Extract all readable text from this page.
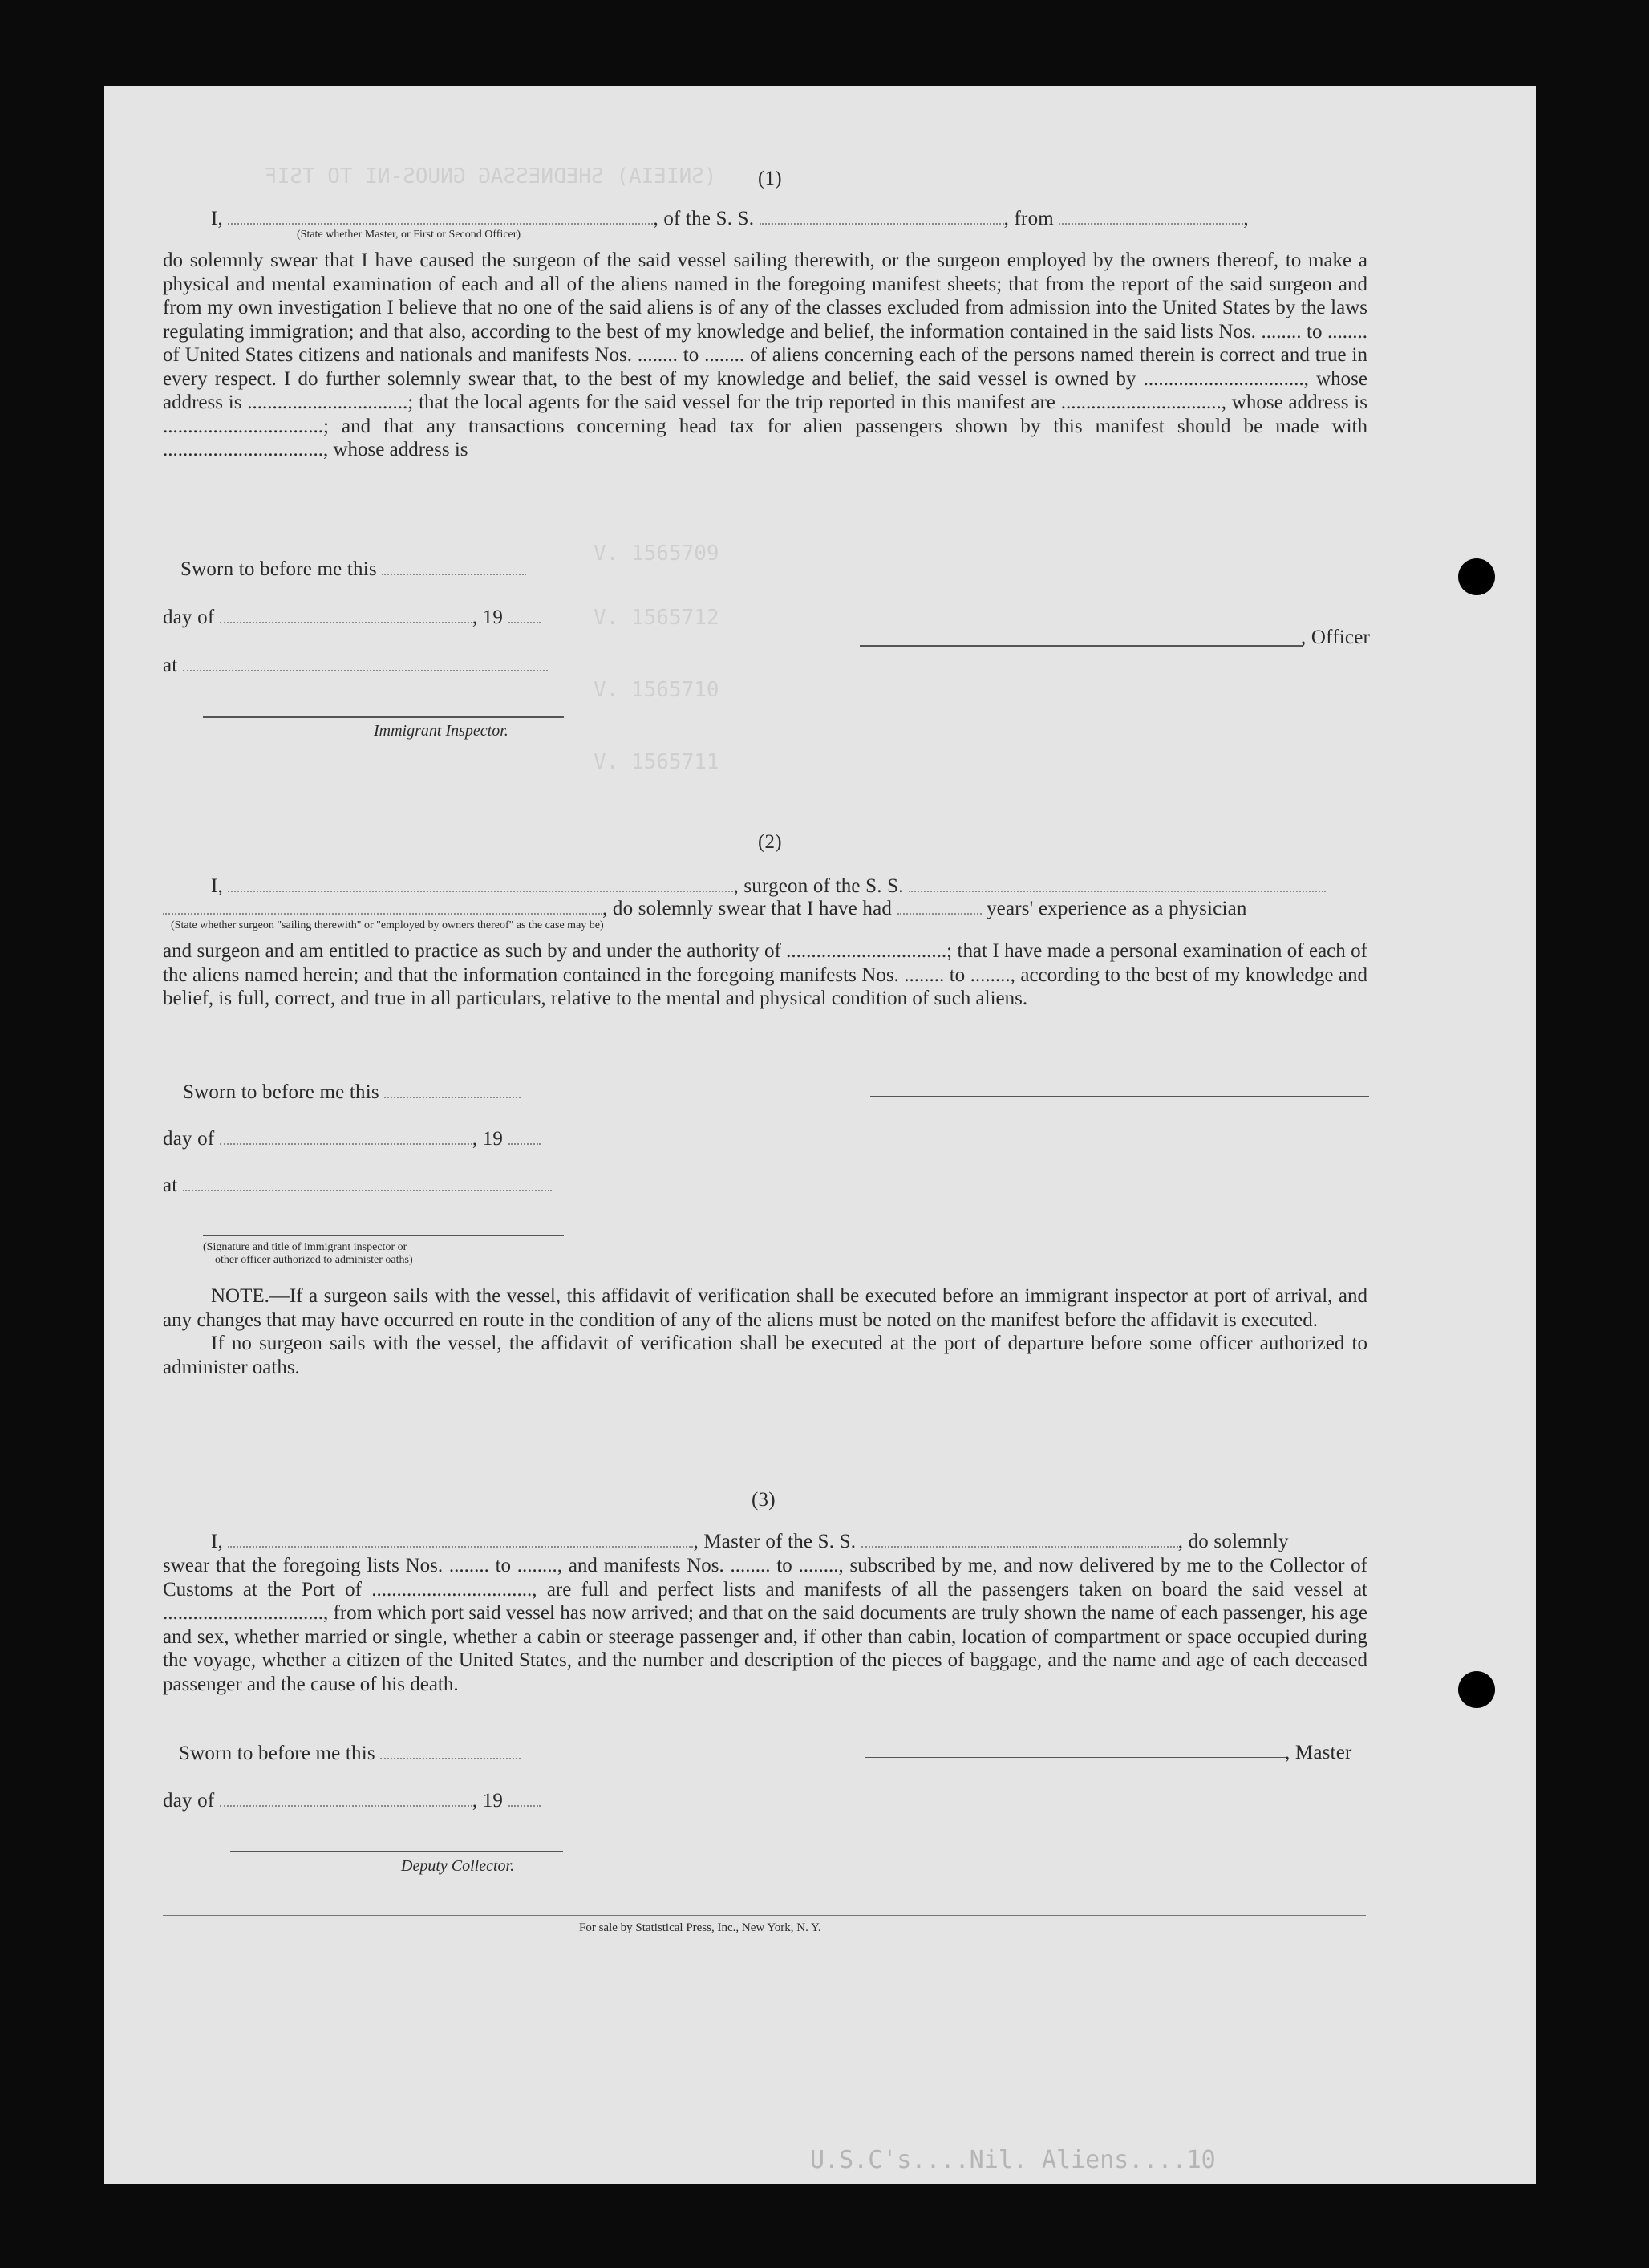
(SNIEIA) SHEDNESSAG GNUOS-NI TO TSIF
V. 1565709
V. 1565712
V. 1565710
V. 1565711
U.S.C's....Nil. Aliens....10
(1)
I,	, of the S. S.	, from	,
(State whether Master, or First or Second Officer)

do solemnly swear that I have caused the surgeon of the said vessel sailing therewith, or the surgeon employed by the owners thereof, to make a physical and mental examination of each and all of the aliens named in the foregoing manifest sheets; that from the report of the said surgeon and from my own investigation I believe that no one of the said aliens is of any of the classes excluded from admission into the United States by the laws regulating immigration; and that also, according to the best of my knowledge and belief, the information contained in the said lists Nos. ........ to ........ of United States citizens and nationals and manifests Nos. ........ to ........ of aliens concerning each of the persons named therein is correct and true in every respect. I do further solemnly swear that, to the best of my knowledge and belief, the said vessel is owned by ................................, whose address is ................................; that the local agents for the said vessel for the trip reported in this manifest are ................................, whose address is ................................; and that any transactions concerning head tax for alien passengers shown by this manifest should be made with ................................, whose address is

Sworn to before me this
day of	, 19
at
Immigrant Inspector.
, Officer
(2)
I,	, surgeon of the S. S.
, do solemnly swear that I have had	years' experience as a physician
(State whether surgeon "sailing therewith" or "employed by owners thereof" as the case may be)

and surgeon and am entitled to practice as such by and under the authority of ................................; that I have made a personal examination of each of the aliens named herein; and that the information contained in the foregoing manifests Nos. ........ to ........, according to the best of my knowledge and belief, is full, correct, and true in all particulars, relative to the mental and physical condition of such aliens.

Sworn to before me this
day of	, 19
at
(Signature and title of immigrant inspector or
other officer authorized to administer oaths)

NOTE.—If a surgeon sails with the vessel, this affidavit of verification shall be executed before an immigrant inspector at port of arrival, and any changes that may have occurred en route in the condition of any of the aliens must be noted on the manifest before the affidavit is executed.

If no surgeon sails with the vessel, the affidavit of verification shall be executed at the port of departure before some officer authorized to administer oaths.

(3)
I,	, Master of the S. S.	, do solemnly

swear that the foregoing lists Nos. ........ to ........, and manifests Nos. ........ to ........, subscribed by me, and now delivered by me to the Collector of Customs at the Port of ................................, are full and perfect lists and manifests of all the passengers taken on board the said vessel at ................................, from which port said vessel has now arrived; and that on the said documents are truly shown the name of each passenger, his age and sex, whether married or single, whether a cabin or steerage passenger and, if other than cabin, location of compartment or space occupied during the voyage, whether a citizen of the United States, and the number and description of the pieces of baggage, and the name and age of each deceased passenger and the cause of his death.

Sworn to before me this	, Master
day of	, 19
Deputy Collector.
For sale by Statistical Press, Inc., New York, N. Y.
